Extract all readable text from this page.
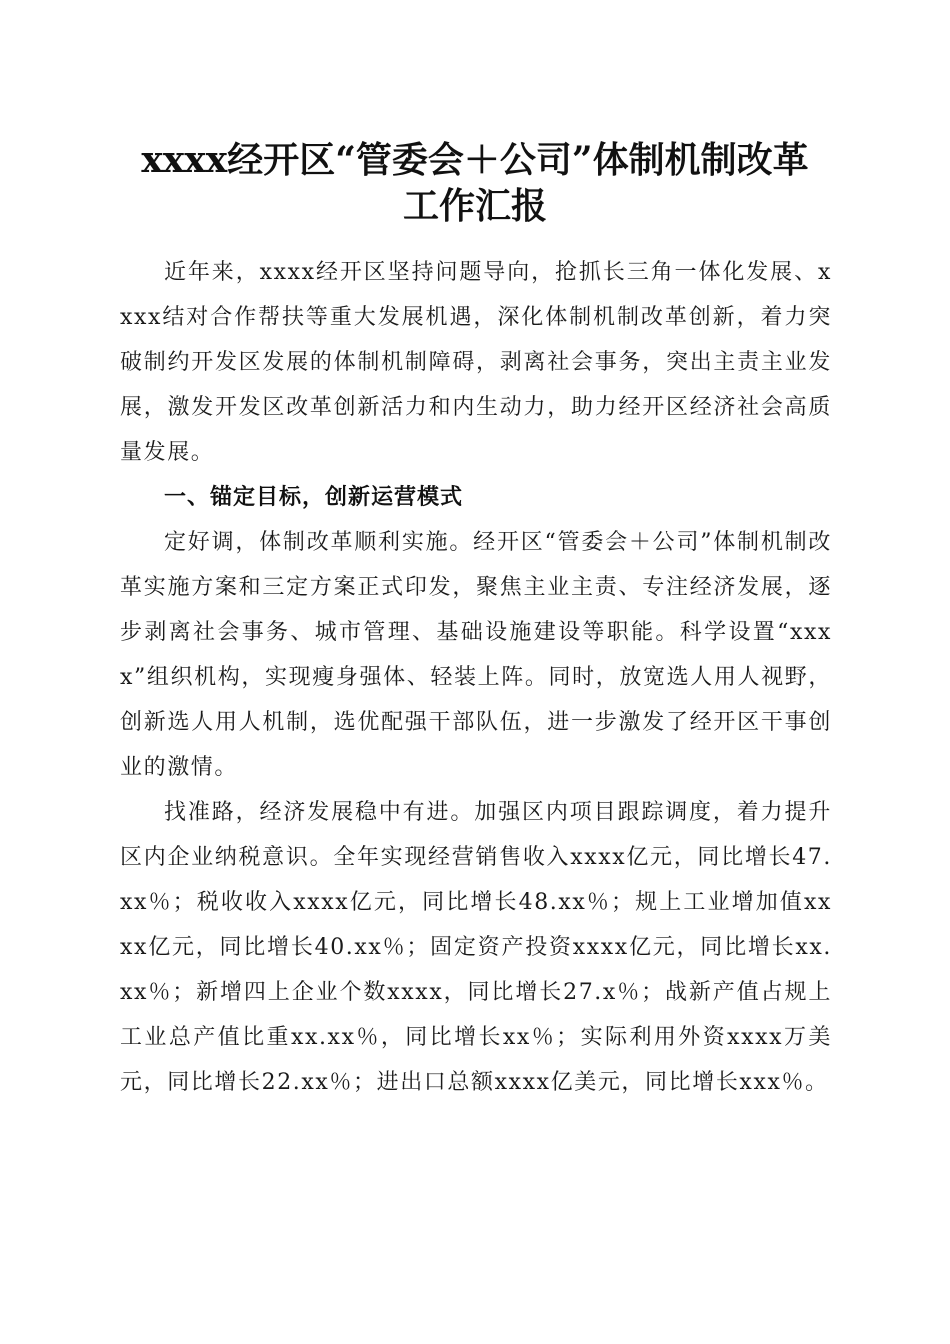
xxxx经开区“管委会＋公司”体制机制改革
工作汇报

近年来，xxxx经开区坚持问题导向，抢抓长三角一体化发展、xxxx结对合作帮扶等重大发展机遇，深化体制机制改革创新，着力突破制约开发区发展的体制机制障碍，剥离社会事务，突出主责主业发展，激发开发区改革创新活力和内生动力，助力经开区经济社会高质量发展。

一、锚定目标，创新运营模式

定好调，体制改革顺利实施。经开区“管委会＋公司”体制机制改革实施方案和三定方案正式印发，聚焦主业主责、专注经济发展，逐步剥离社会事务、城市管理、基础设施建设等职能。科学设置“xxxx”组织机构，实现瘦身强体、轻装上阵。同时，放宽选人用人视野，创新选人用人机制，选优配强干部队伍，进一步激发了经开区干事创业的激情。

找准路，经济发展稳中有进。加强区内项目跟踪调度，着力提升区内企业纳税意识。全年实现经营销售收入xxxx亿元，同比增长47.xx％；税收收入xxxx亿元，同比增长48.xx％；规上工业增加值xxxx亿元，同比增长40.xx％；固定资产投资xxxx亿元，同比增长xx.xx％；新增四上企业个数xxxx，同比增长27.x％；战新产值占规上工业总产值比重xx.xx％，同比增长xx％；实际利用外资xxxx万美元，同比增长22.xx％；进出口总额xxxx亿美元，同比增长xxx％。
